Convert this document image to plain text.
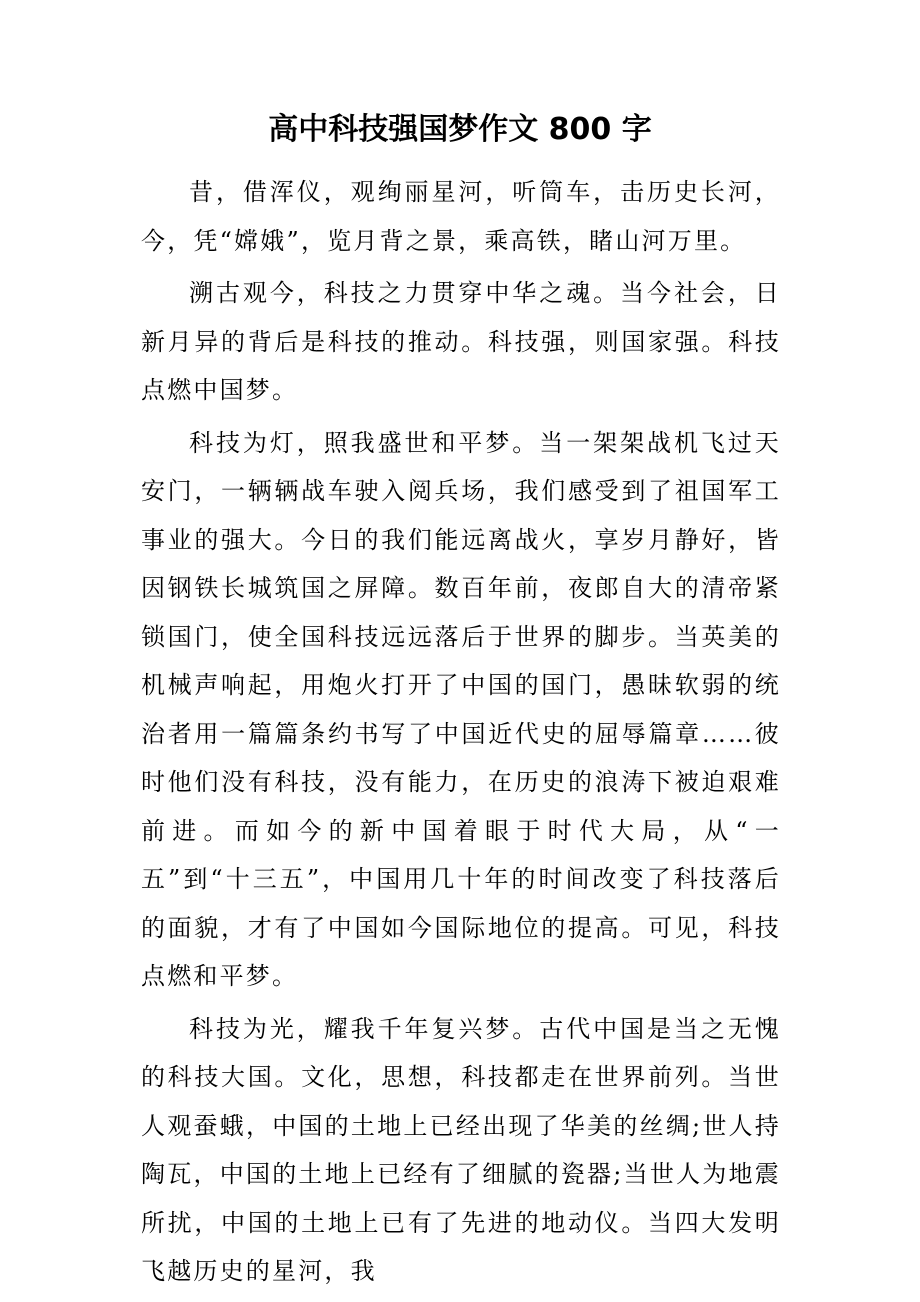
高中科技强国梦作文 800 字

昔，借浑仪，观绚丽星河，听筒车，击历史长河，今，凭“嫦娥”，览月背之景，乘高铁，睹山河万里。

溯古观今，科技之力贯穿中华之魂。当今社会，日新月异的背后是科技的推动。科技强，则国家强。科技点燃中国梦。

科技为灯，照我盛世和平梦。当一架架战机飞过天安门，一辆辆战车驶入阅兵场，我们感受到了祖国军工事业的强大。今日的我们能远离战火，享岁月静好，皆因钢铁长城筑国之屏障。数百年前，夜郎自大的清帝紧锁国门，使全国科技远远落后于世界的脚步。当英美的机械声响起，用炮火打开了中国的国门，愚昧软弱的统治者用一篇篇条约书写了中国近代史的屈辱篇章……彼时他们没有科技，没有能力，在历史的浪涛下被迫艰难前进。而如今的新中国着眼于时代大局，从“一五”到“十三五”，中国用几十年的时间改变了科技落后的面貌，才有了中国如今国际地位的提高。可见，科技点燃和平梦。

科技为光，耀我千年复兴梦。古代中国是当之无愧的科技大国。文化，思想，科技都走在世界前列。当世人观蚕蛾，中国的土地上已经出现了华美的丝绸;世人持陶瓦，中国的土地上已经有了细腻的瓷器;当世人为地震所扰，中国的土地上已有了先进的地动仪。当四大发明飞越历史的星河，我
